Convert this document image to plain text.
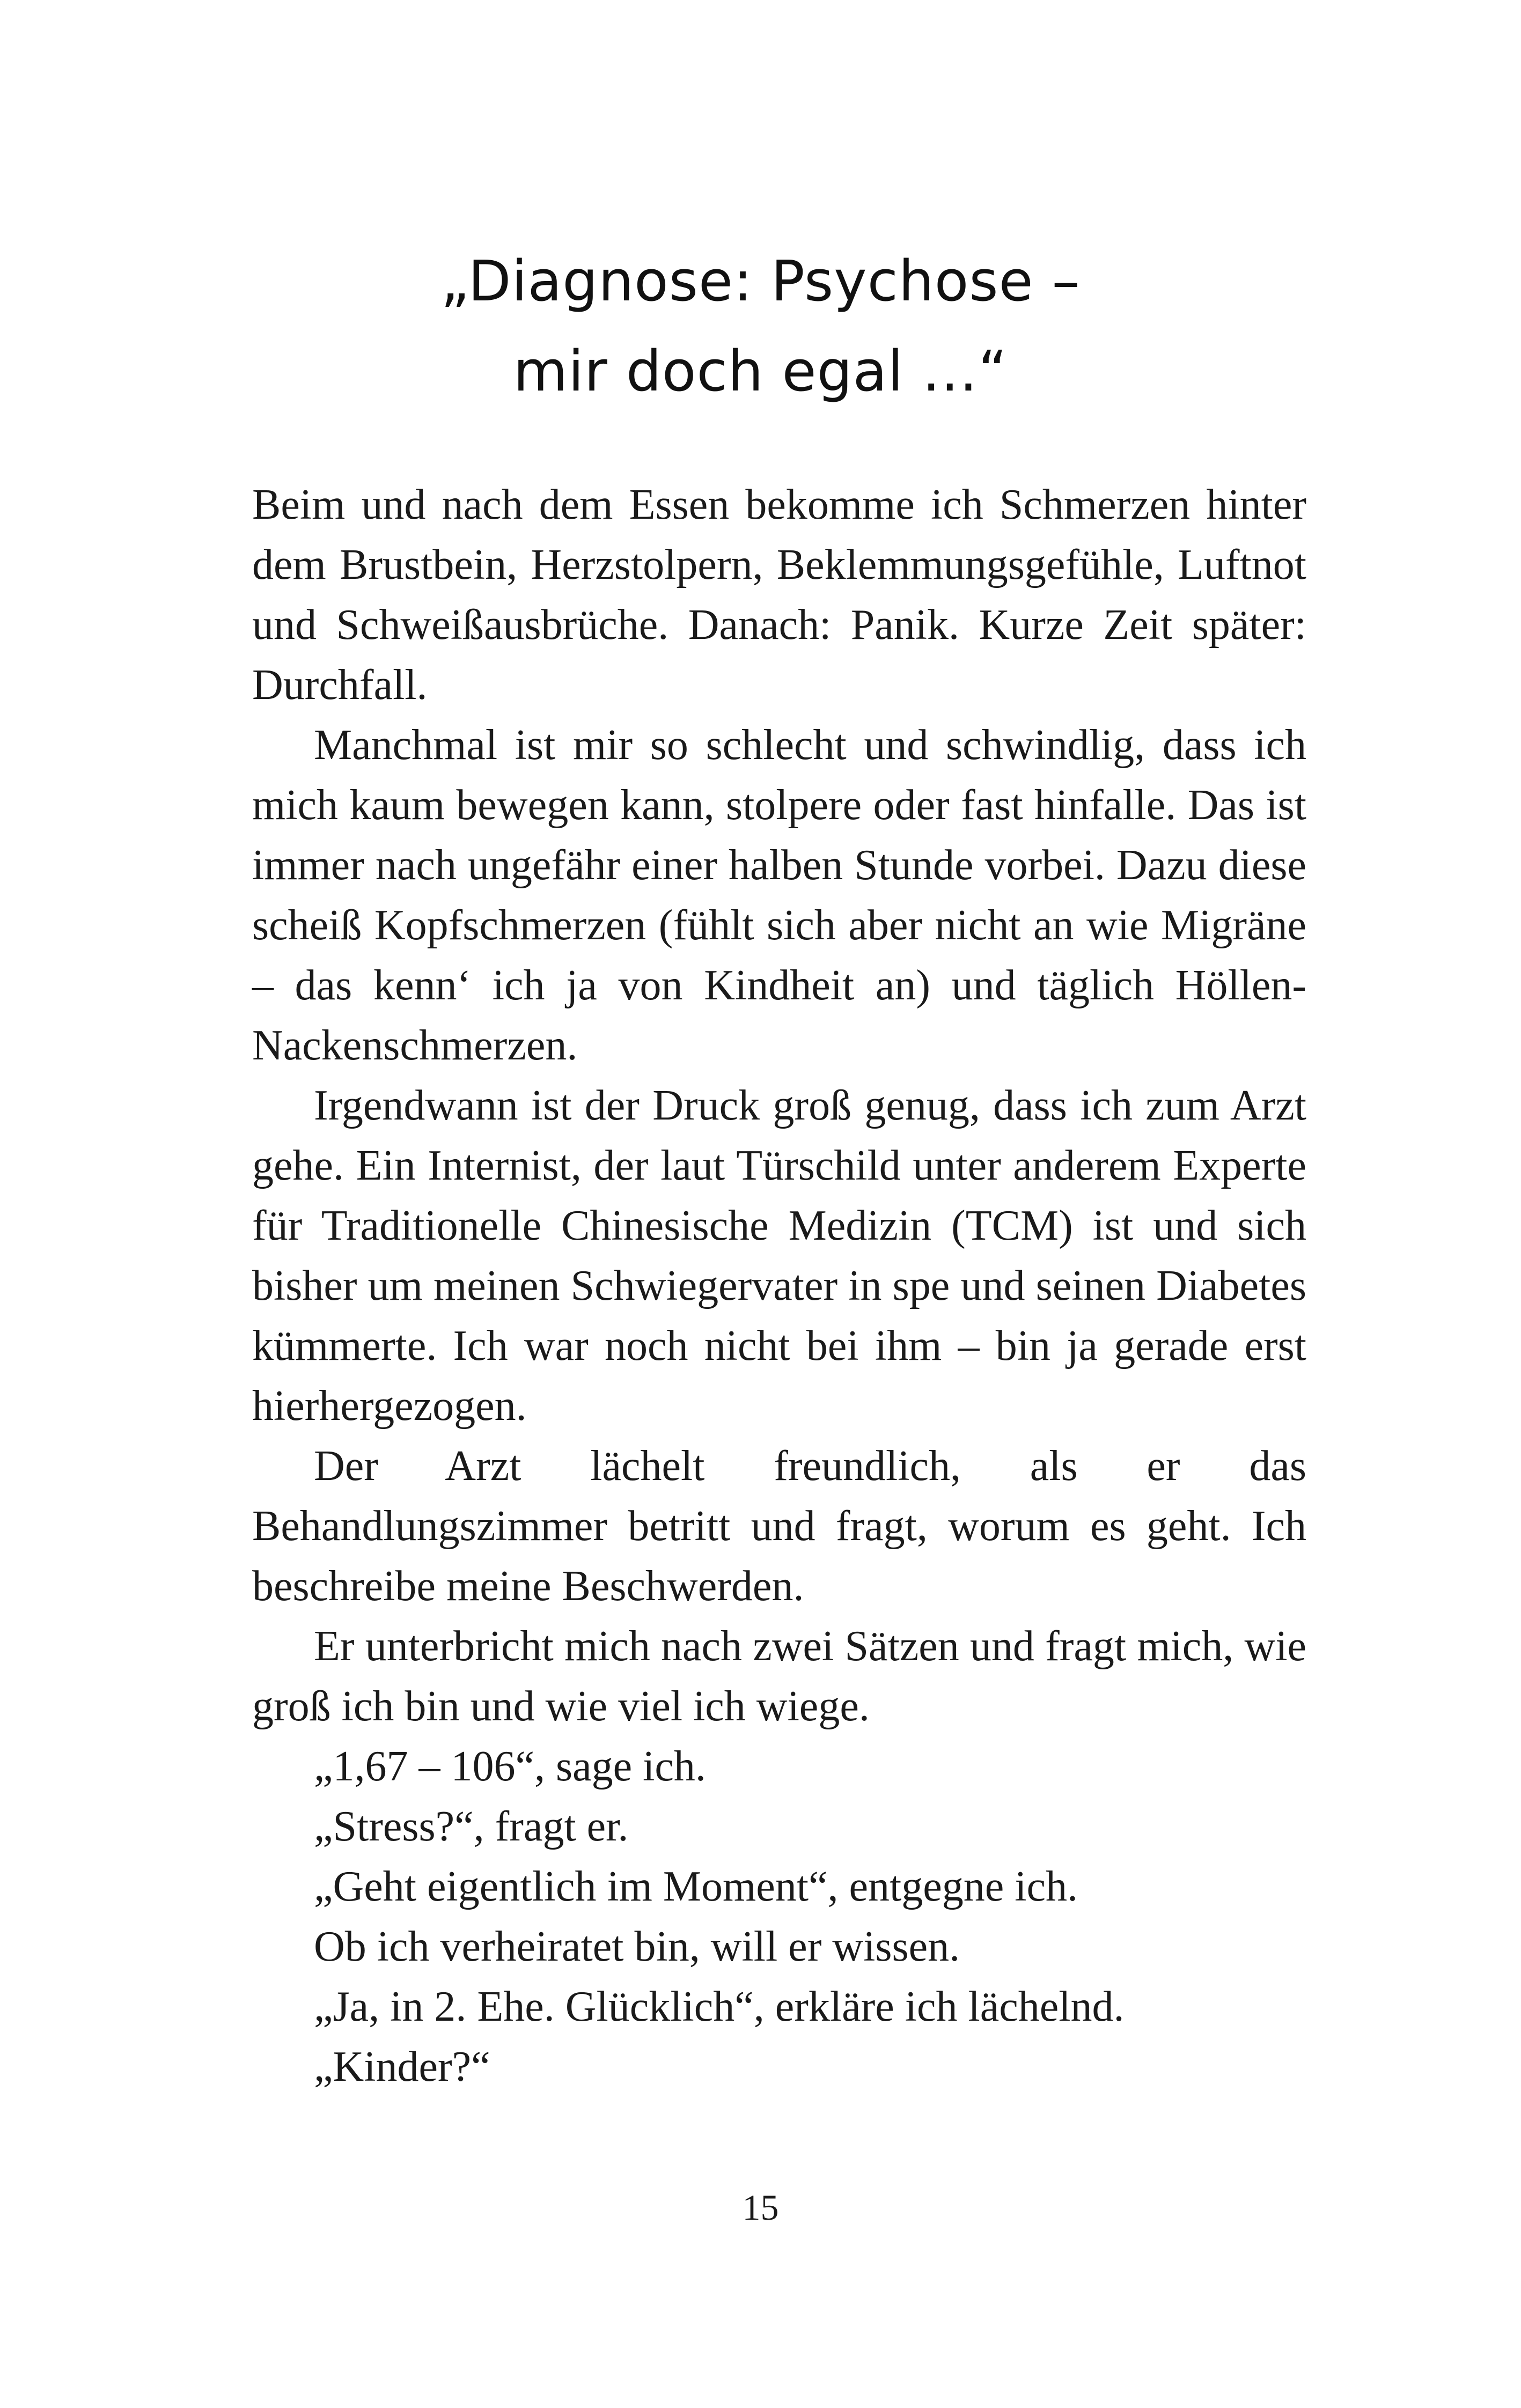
„Diagnose: Psychose –
mir doch egal …“

Beim und nach dem Essen bekomme ich Schmerzen hinter dem Brustbein, Herzstolpern, Beklemmungsgefühle, Luftnot und Schweißausbrüche. Danach: Panik. Kurze Zeit später: Durchfall.

Manchmal ist mir so schlecht und schwindlig, dass ich mich kaum bewegen kann, stolpere oder fast hinfalle. Das ist immer nach ungefähr einer halben Stunde vorbei. Dazu diese scheiß Kopfschmerzen (fühlt sich aber nicht an wie Migräne – das kenn‘ ich ja von Kindheit an) und täglich Höllen-Nackenschmerzen.

Irgendwann ist der Druck groß genug, dass ich zum Arzt gehe. Ein Internist, der laut Türschild unter anderem Experte für Traditionelle Chinesische Medizin (TCM) ist und sich bisher um meinen Schwiegervater in spe und seinen Diabetes kümmerte. Ich war noch nicht bei ihm – bin ja gerade erst hierhergezogen.

Der Arzt lächelt freundlich, als er das Behandlungszimmer betritt und fragt, worum es geht. Ich beschreibe meine Beschwerden.

Er unterbricht mich nach zwei Sätzen und fragt mich, wie groß ich bin und wie viel ich wiege.

„1,67 – 106“, sage ich.

„Stress?“, fragt er.

„Geht eigentlich im Moment“, entgegne ich.

Ob ich verheiratet bin, will er wissen.

„Ja, in 2. Ehe. Glücklich“, erkläre ich lächelnd.

„Kinder?“

15
